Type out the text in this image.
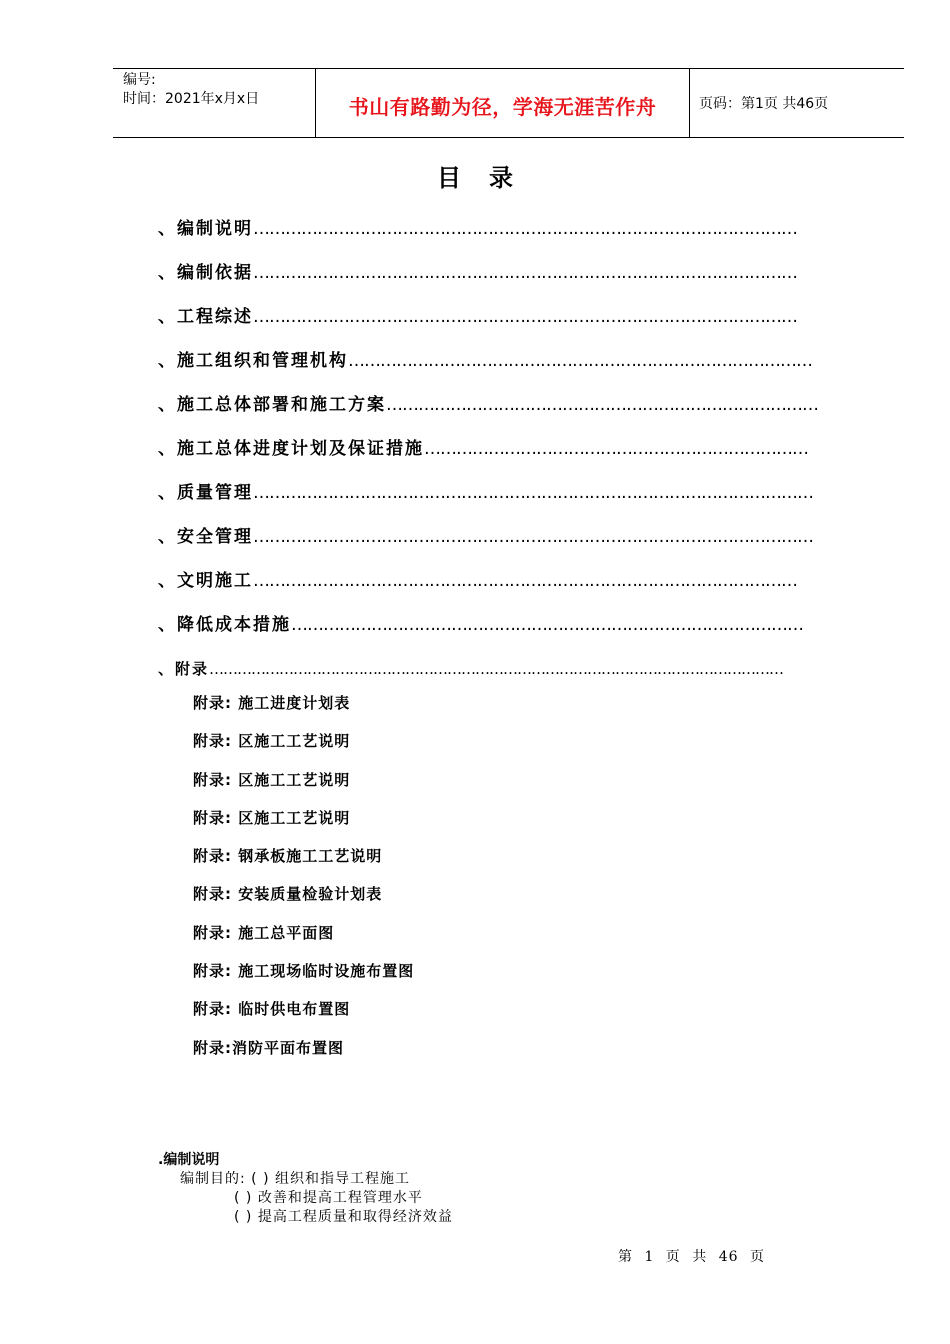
编号:
时间：2021年x月x日	书山有路勤为径，学海无涯苦作舟	页码：第1页 共46页
目录
、编制说明…………………………………………………………………………………………
、编制依据…………………………………………………………………………………………
、工程综述…………………………………………………………………………………………
、施工组织和管理机构……………………………………………………………………………
、施工总体部署和施工方案………………………………………………………………………
、施工总体进度计划及保证措施………………………………………………………………
、质量管理……………………………………………………………………………………………
、安全管理……………………………………………………………………………………………
、文明施工…………………………………………………………………………………………
、降低成本措施……………………………………………………………………………………
、附录……………………………………………………………………………………………………………
附录: 施工进度计划表
附录: 区施工工艺说明
附录: 区施工工艺说明
附录: 区施工工艺说明
附录: 钢承板施工工艺说明
附录: 安装质量检验计划表
附录: 施工总平面图
附录: 施工现场临时设施布置图
附录: 临时供电布置图
附录:消防平面布置图
.编制说明
编制目的: ( ) 组织和指导工程施工
( ) 改善和提高工程管理水平
( ) 提高工程质量和取得经济效益
第 1 页 共 46 页
